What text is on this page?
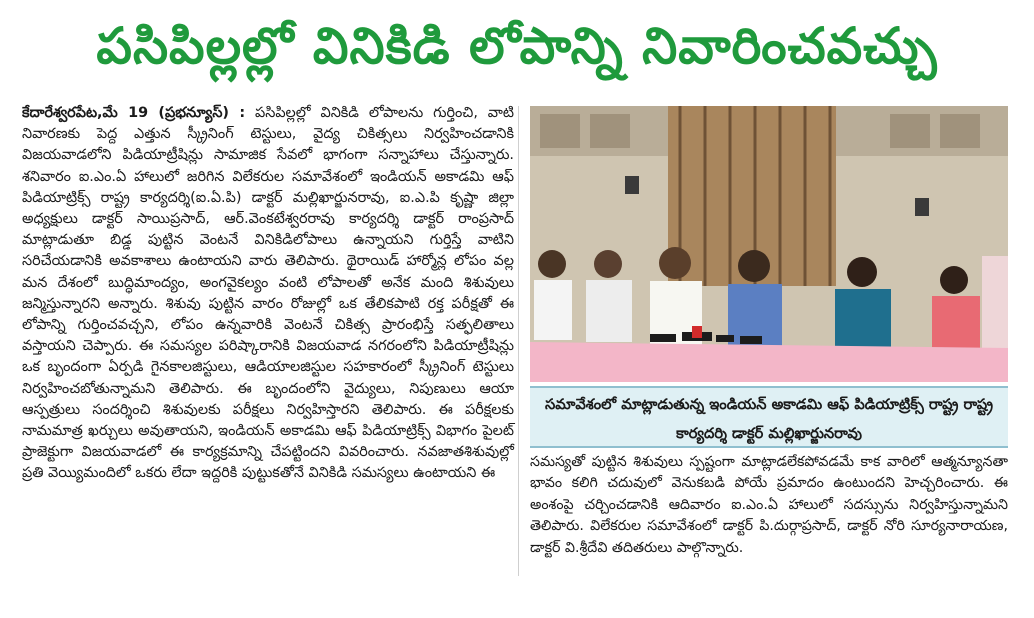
పసిపిల్లల్లో వినికిడి లోపాన్ని నివారించవచ్చు

కేదారేశ్వరపేట,మే 19 (ప్రభన్యూస్) : పసిపిల్లల్లో వినికిడి లోపాలను గుర్తించి, వాటి నివారణకు పెద్ద ఎత్తున స్క్రీనింగ్ టెస్టులు, వైద్య చికిత్సలు నిర్వహించడానికి విజయవాడలోని పిడియాట్రీషిన్లు సామాజిక సేవలో భాగంగా సన్నాహాలు చేస్తున్నారు. శనివారం ఐ.ఎం.ఏ హాలులో జరిగిన విలేకరుల సమావేశంలో ఇండియన్ అకాడమి ఆఫ్ పిడియాట్రిక్స్ రాష్ట్ర కార్యదర్శి(ఐ.ఏ.పి) డాక్టర్ మల్లిఖార్జునరావు, ఐ.ఎ.పి కృష్ణా జిల్లా అధ్యక్షులు డాక్టర్ సాయిప్రసాద్, ఆర్.వెంకటేశ్వరరావు కార్యదర్శి డాక్టర్ రాంప్రసాద్ మాట్లాడుతూ బిడ్డ పుట్టిన వెంటనే వినికిడిలోపాలు ఉన్నాయని గుర్తిస్తే వాటిని సరిచేయడానికి అవకాశాలు ఉంటాయని వారు తెలిపారు. థైరాయిడ్ హార్మోన్ల లోపం వల్ల మన దేశంలో బుద్ధిమాంద్యం, అంగవైకల్యం వంటి లోపాలతో అనేక మంది శిశువులు జన్మిస్తున్నారని అన్నారు. శిశువు పుట్టిన వారం రోజుల్లో ఒక తేలికపాటి రక్త పరీక్షతో ఈ లోపాన్ని గుర్తించవచ్చని, లోపం ఉన్నవారికి వెంటనే చికిత్స ప్రారంభిస్తే సత్ఫలితాలు వస్తాయని చెప్పారు. ఈ సమస్యల పరిష్కారానికి విజయవాడ నగరంలోని పిడియాట్రీషిన్లు ఒక బృందంగా ఏర్పడి గైనకాలజిస్టులు, ఆడియాలజిస్టుల సహకారంలో స్క్రీనింగ్ టెస్టులు నిర్వహించబోతున్నామని తెలిపారు. ఈ బృందంలోని వైద్యులు, నిపుణులు ఆయా ఆస్పత్రులు సందర్శించి శిశువులకు పరీక్షలు నిర్వహిస్తారని తెలిపారు. ఈ పరీక్షలకు నామమాత్ర ఖర్చులు అవుతాయని, ఇండియన్ అకాడమి ఆఫ్ పిడియాట్రిక్స్ విభాగం పైలట్ ప్రాజెక్టుగా విజయవాడలో ఈ కార్యక్రమాన్ని చేపట్టిందని వివరించారు. నవజాతశిశువుల్లో ప్రతి వెయ్యిమందిలో ఒకరు లేదా ఇద్దరికి పుట్టుకతోనే వినికిడి సమస్యలు ఉంటాయని ఈ

సమావేశంలో మాట్లాడుతున్న ఇండియన్ అకాడమి ఆఫ్ పిడియాట్రిక్స్ రాష్ట్ర రాష్ట్ర కార్యదర్శి డాక్టర్ మల్లిఖార్జునరావు

సమస్యతో పుట్టిన శిశువులు స్పష్టంగా మాట్లాడలేకపోవడమే కాక వారిలో ఆత్మన్యూనతా భావం కలిగి చదువులో వెనుకబడి పోయే ప్రమాదం ఉంటుందని హెచ్చరించారు. ఈ అంశంపై చర్చించడానికి ఆదివారం ఐ.ఎం.ఏ హాలులో సదస్సును నిర్వహిస్తున్నామని తెలిపారు. విలేకరుల సమావేశంలో డాక్టర్ పి.దుర్గాప్రసాద్, డాక్టర్ నోరి సూర్యనారాయణ, డాక్టర్ వి.శ్రీదేవి తదితరులు పాల్గొన్నారు.
